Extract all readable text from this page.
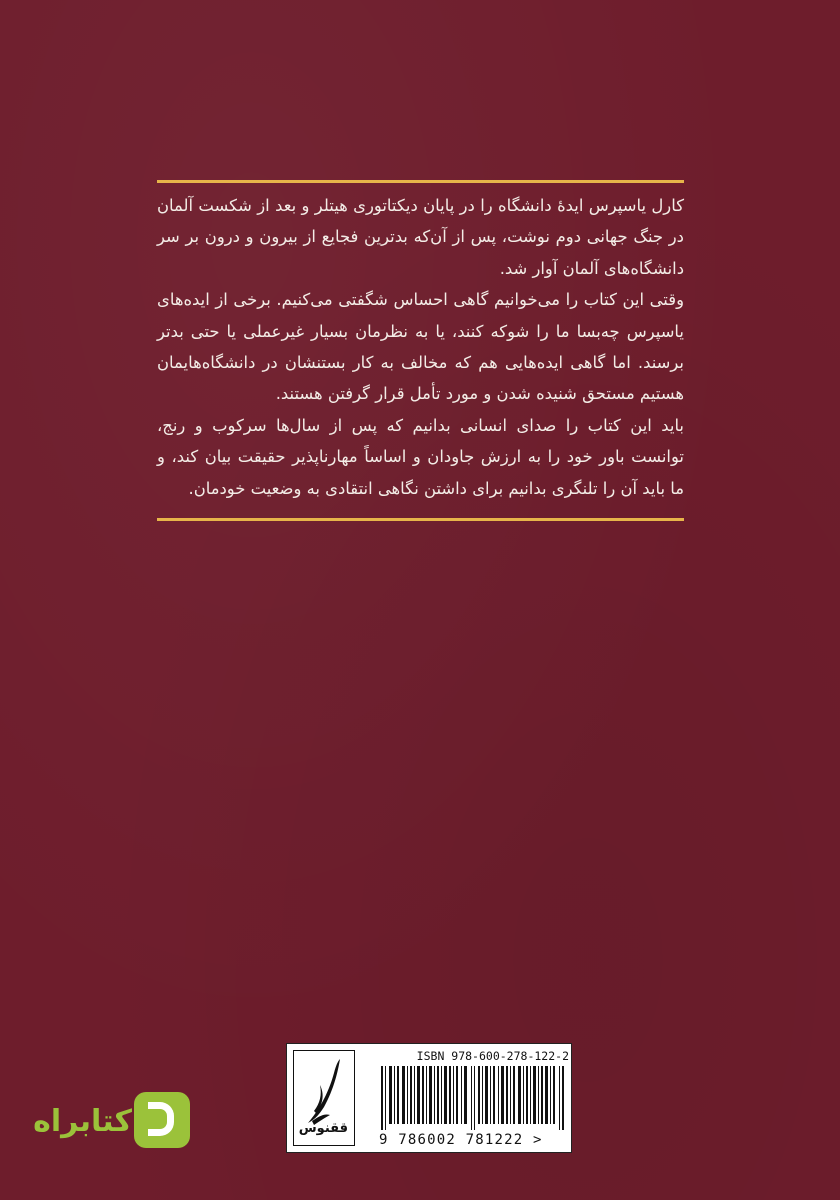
کارل یاسپرس ایدهٔ دانشگاه را در پایان دیکتاتوری هیتلر و بعد از شکست آلمان در جنگ جهانی دوم نوشت، پس از آن‌که بدترین فجایع از بیرون و درون بر سر دانشگاه‌های آلمان آوار شد.

وقتی این کتاب را می‌خوانیم گاهی احساس شگفتی می‌کنیم. برخی از ایده‌های یاسپرس چه‌بسا ما را شوکه کنند، یا به نظرمان بسیار غیرعملی یا حتی بدتر برسند. اما گاهی ایده‌هایی هم که مخالف به کار بستنشان در دانشگاه‌هایمان هستیم مستحق شنیده شدن و مورد تأمل قرار گرفتن هستند.

باید این کتاب را صدای انسانی بدانیم که پس از سال‌ها سرکوب و رنج، توانست باور خود را به ارزش جاودان و اساساً مهارناپذیر حقیقت بیان کند، و ما باید آن را تلنگری بدانیم برای داشتن نگاهی انتقادی به وضعیت خودمان.

ققنوس
ISBN 978-600-278-122-2
9 786002 781222 >
کتابراه
